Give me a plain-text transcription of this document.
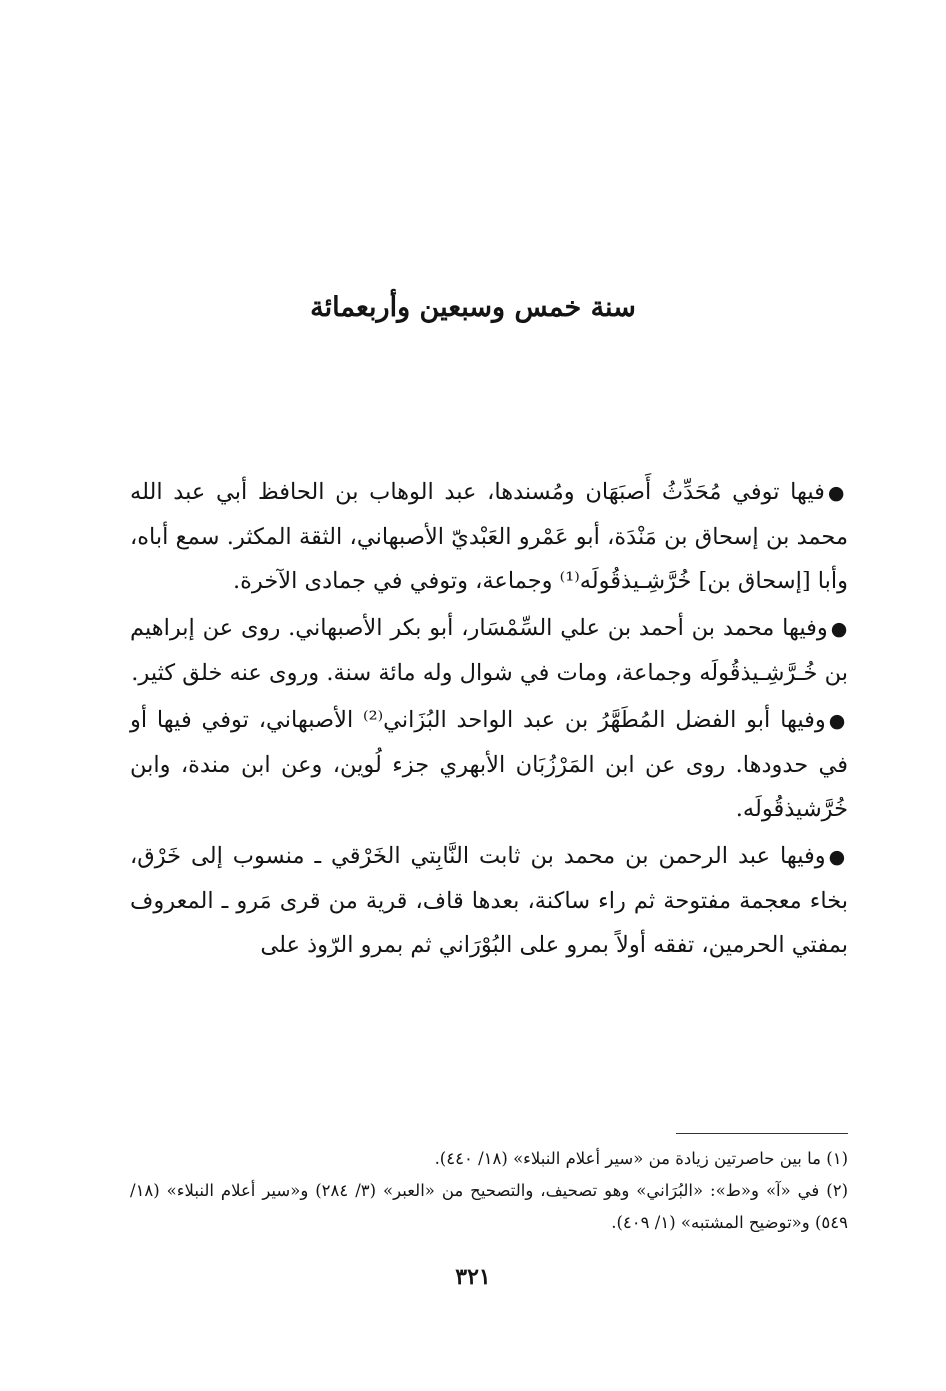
سنة خمس وسبعين وأربعمائة

●فيها توفي مُحَدِّثُ أَصبَهَان ومُسندها، عبد الوهاب بن الحافظ أبي عبد الله محمد بن إسحاق بن مَنْدَة، أبو عَمْرو العَبْديّ الأصبهاني، الثقة المكثر. سمع أباه، وأبا [إسحاق بن] خُرَّشِـيذقُولَه⁽¹⁾ وجماعة، وتوفي في جمادى الآخرة.

●وفيها محمد بن أحمد بن علي السِّمْسَار، أبو بكر الأصبهاني. روى عن إبراهيم بن خُـرَّشِـيذقُولَه وجماعة، ومات في شوال وله مائة سنة. وروى عنه خلق كثير.

●وفيها أبو الفضل المُطَهَّرُ بن عبد الواحد البُزَاني⁽²⁾ الأصبهاني، توفي فيها أو في حدودها. روى عن ابن المَرْزُبَان الأبهري جزء لُوين، وعن ابن مندة، وابن خُرَّشيذقُولَه.

●وفيها عبد الرحمن بن محمد بن ثابت النَّابِتي الخَرْقي ـ منسوب إلى خَرْق، بخاء معجمة مفتوحة ثم راء ساكنة، بعدها قاف، قرية من قرى مَرو ـ المعروف بمفتي الحرمين، تفقه أولاً بمرو على البُوْرَاني ثم بمرو الرّوذ على

(١) ما بين حاصرتين زيادة من «سير أعلام النبلاء» (١٨/ ٤٤٠).

(٢) في «آ» و«ط»: «البُرَاني» وهو تصحيف، والتصحيح من «العبر» (٣/ ٢٨٤) و«سير أعلام النبلاء» (١٨/ ٥٤٩) و«توضيح المشتبه» (١/ ٤٠٩).

٣٢١
